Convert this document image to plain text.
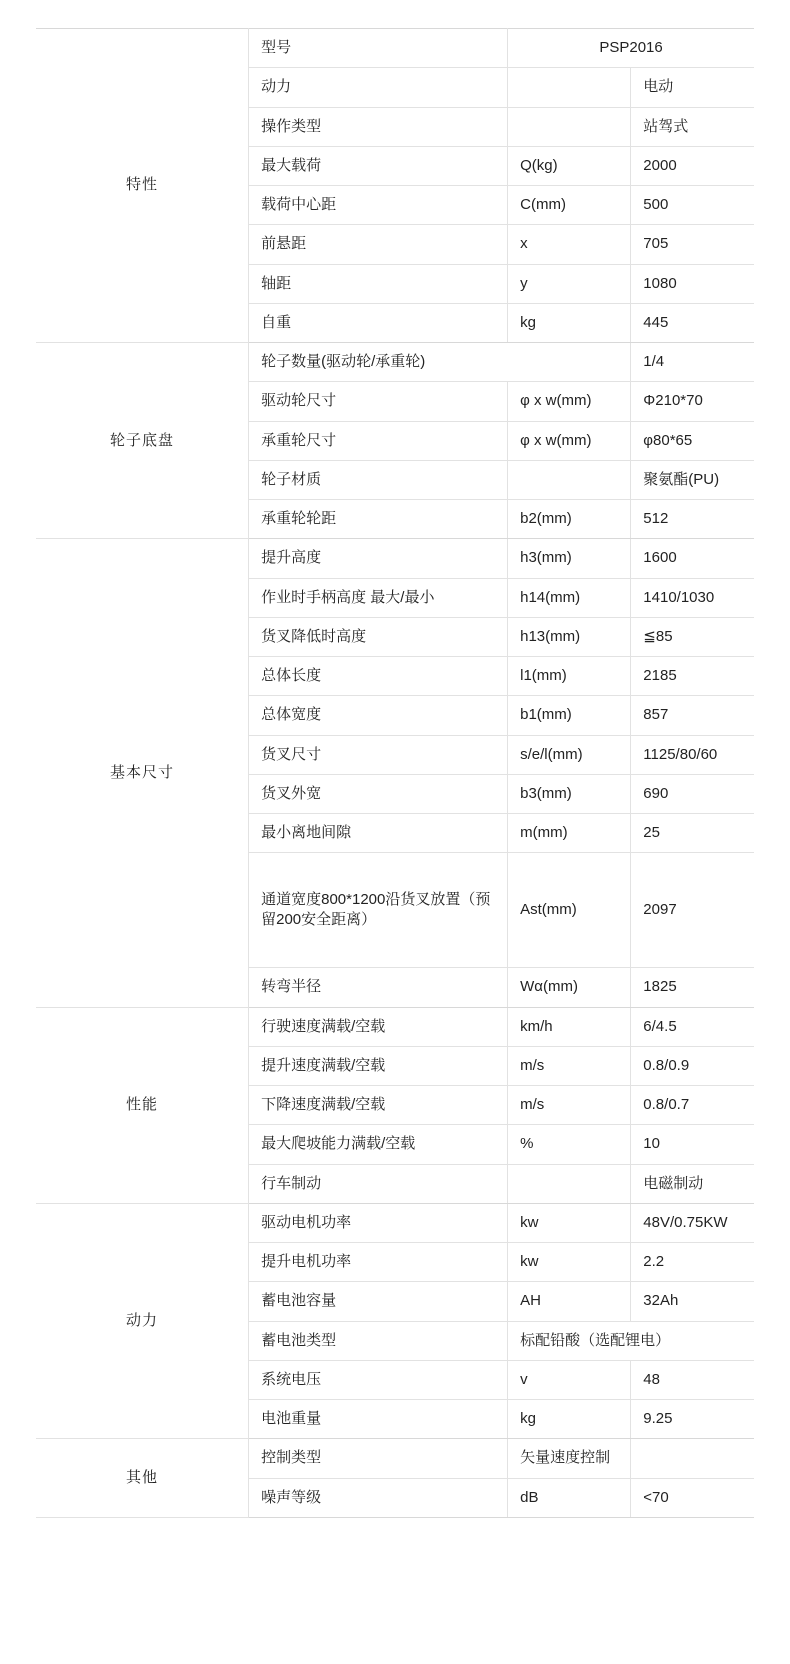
特性	型号	PSP2016	
	动力		电动
	操作类型		站驾式
	最大载荷	Q(kg)	2000
	载荷中心距	C(mm)	500
	前悬距	x	705
	轴距	y	1080
	自重	kg	445
轮子底盘	轮子数量(驱动轮/承重轮)		1/4
	驱动轮尺寸	φ x w(mm)	Φ210*70
	承重轮尺寸	φ x w(mm)	φ80*65
	轮子材质		聚氨酯(PU)
	承重轮轮距	b2(mm)	512
基本尺寸	提升高度	h3(mm)	1600
	作业时手柄高度 最大/最小	h14(mm)	1410/1030
	货叉降低时高度	h13(mm)	≦85
	总体长度	l1(mm)	2185
	总体宽度	b1(mm)	857
	货叉尺寸	s/e/l(mm)	1125/80/60
	货叉外宽	b3(mm)	690
	最小离地间隙	m(mm)	25
	通道宽度800*1200沿货叉放置（预留200安全距离）	Ast(mm)	2097
	转弯半径	Wα(mm)	1825
性能	行驶速度满载/空载	km/h	6/4.5
	提升速度满载/空载	m/s	0.8/0.9
	下降速度满载/空载	m/s	0.8/0.7
	最大爬坡能力满载/空载	%	10
	行车制动		电磁制动
动力	驱动电机功率	kw	48V/0.75KW
	提升电机功率	kw	2.2
	蓄电池容量	AH	32Ah
	蓄电池类型	标配铅酸（选配锂电）	
	系统电压	v	48
	电池重量	kg	9.25
其他	控制类型	矢量速度控制	
	噪声等级	dB	<70
